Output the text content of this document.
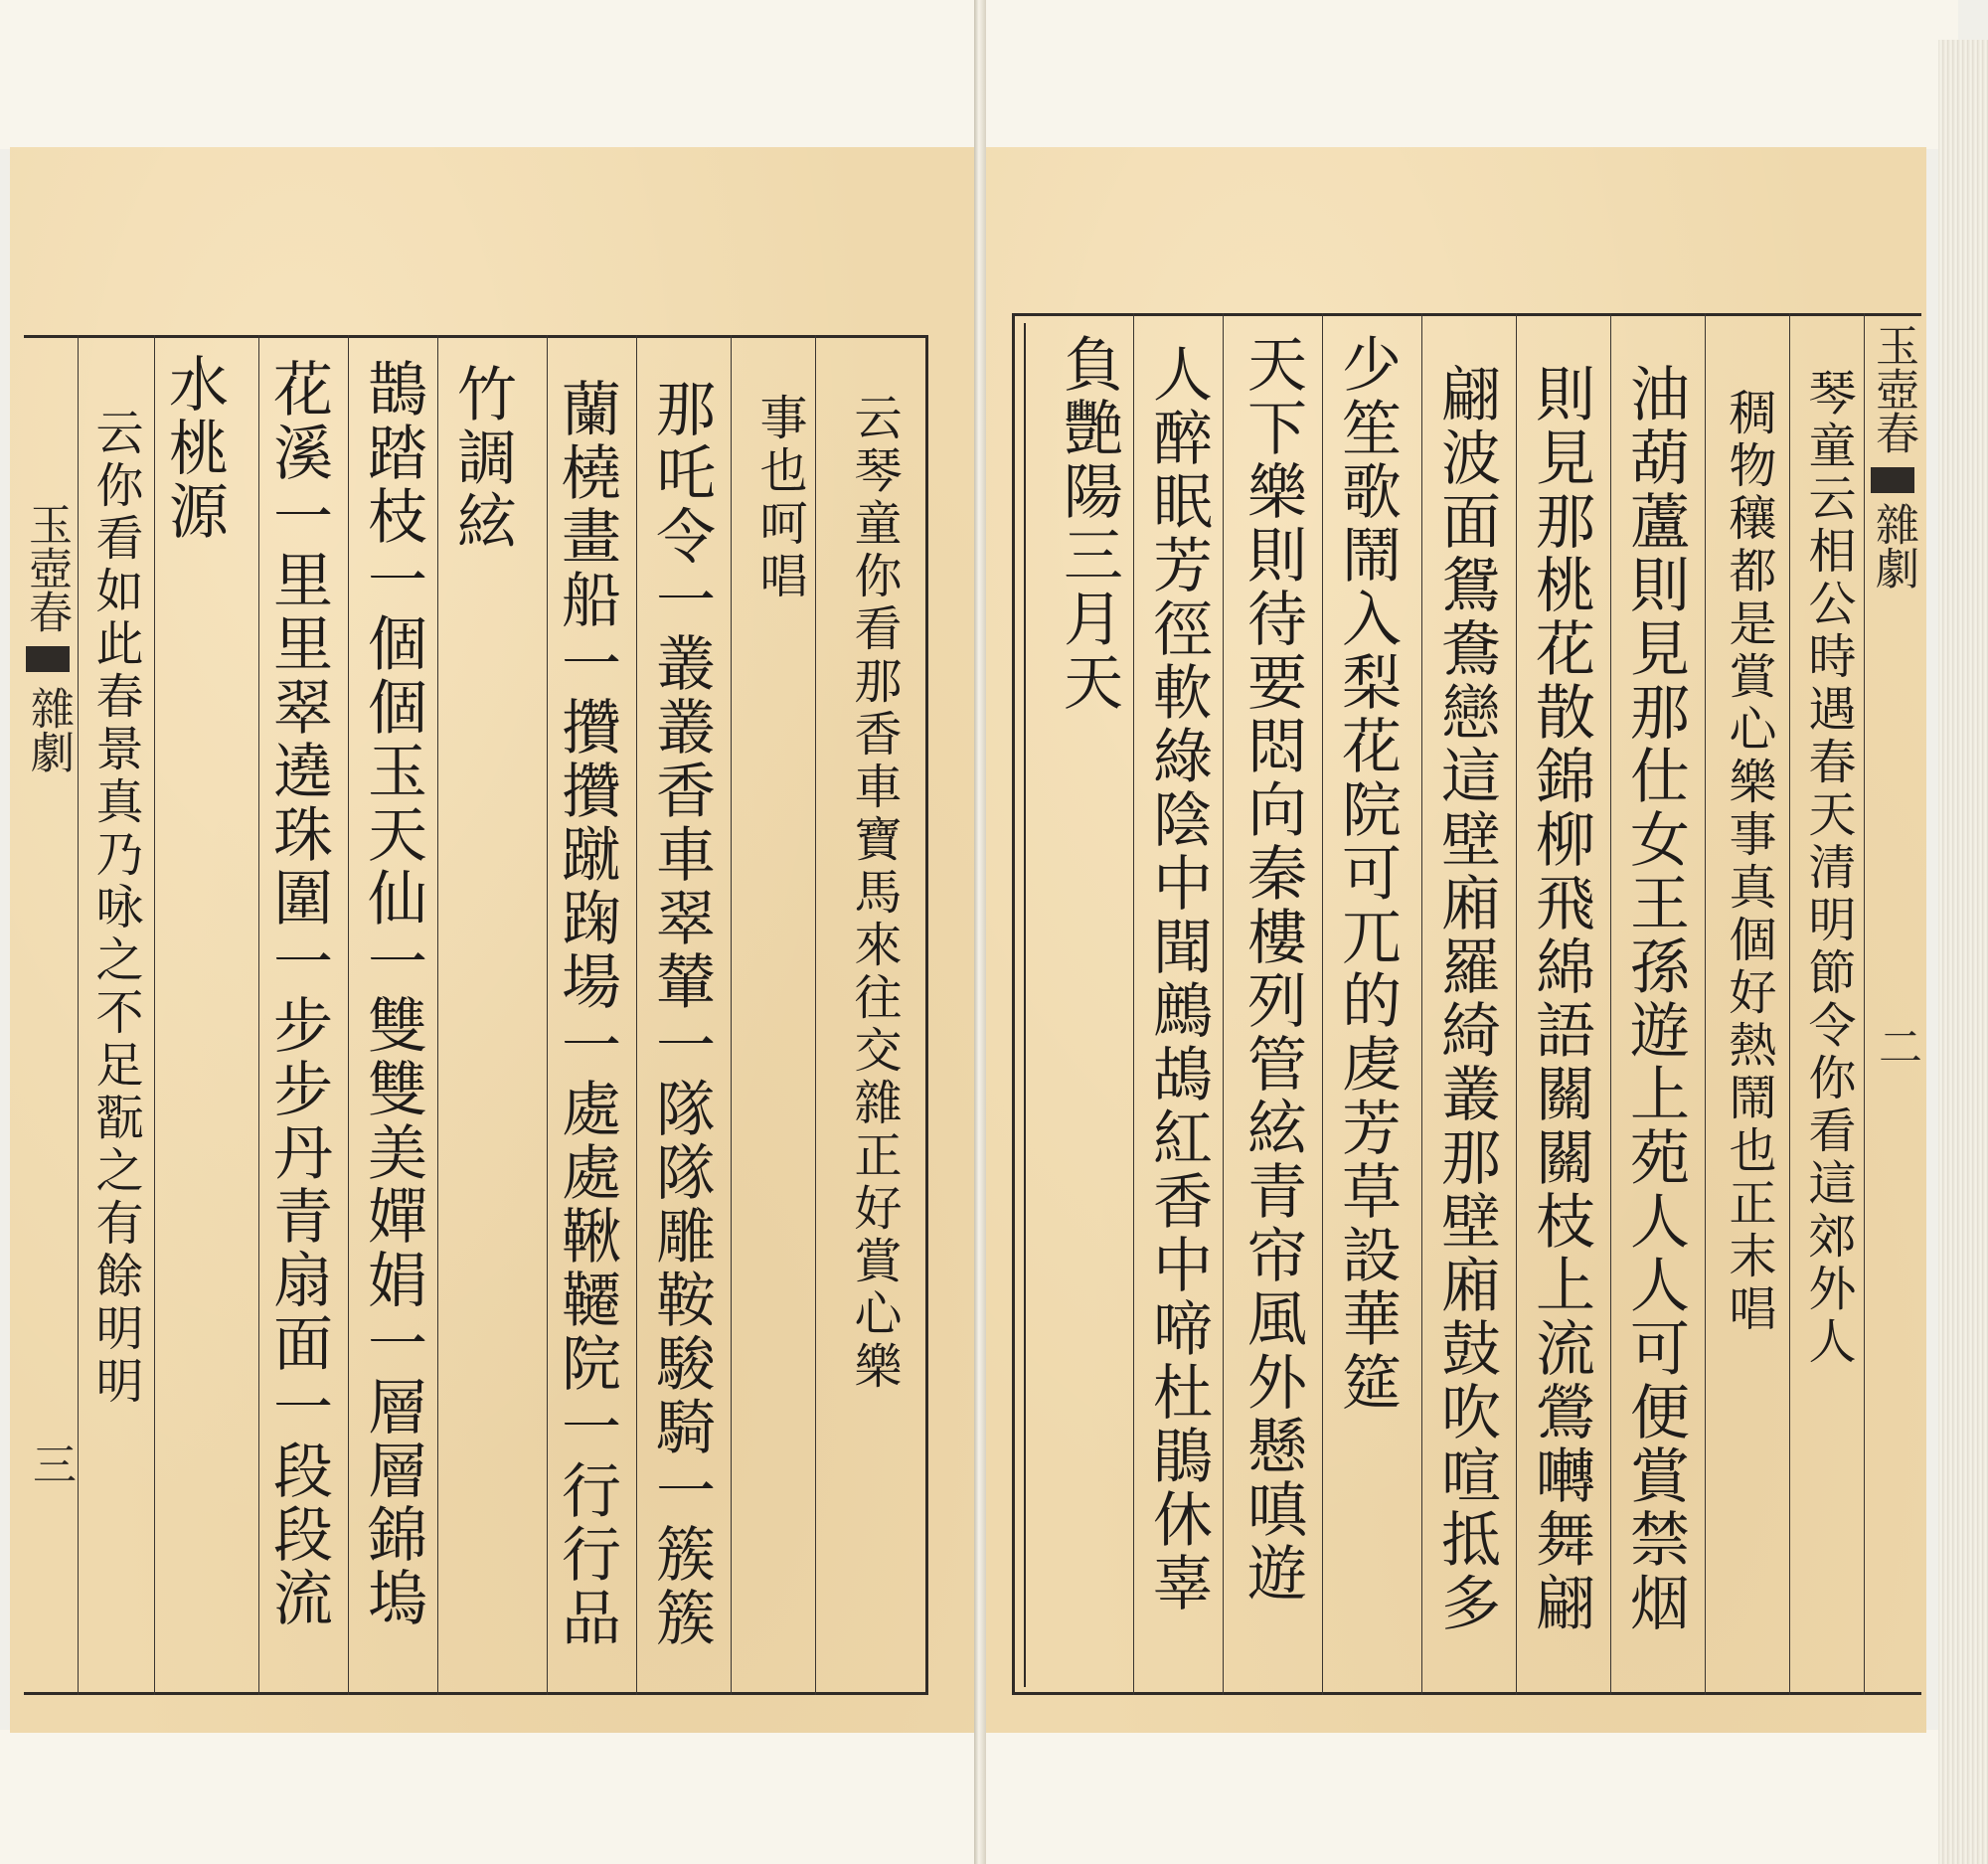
玉壺春
雜劇
三
云琴童你看那香車寶馬來往交雜正好賞心樂
事也呵唱
那吒令一叢叢香車翠輦一隊隊雕鞍駿騎一簇簇
蘭橈畫船一攢攢蹴踘場一處處鞦韆院一行行品
竹調絃
鵲踏枝一個個玉天仙一雙雙美嬋娟一層層錦塢
花溪一里里翠遶珠圍一步步丹青扇面一段段流
水桃源
云你看如此春景真乃咏之不足翫之有餘明明
玉壺春
雜劇
二
琴童云相公時遇春天清明節令你看這郊外人
稠物穰都是賞心樂事真個好熱鬧也正末唱
油葫蘆則見那仕女王孫遊上苑人人可便賞禁烟
則見那桃花散錦柳飛綿語關關枝上流鶯囀舞翩
翩波面鴛鴦戀這壁廂羅綺叢那壁廂鼓吹喧抵多
少笙歌鬧入梨花院可兀的䖍芳草設華筵
天下樂則待要悶向秦樓列管絃青帘風外懸嗔遊
人醉眠芳徑軟綠陰中聞鷓鴣紅香中啼杜鵑休辜
負艷陽三月天
